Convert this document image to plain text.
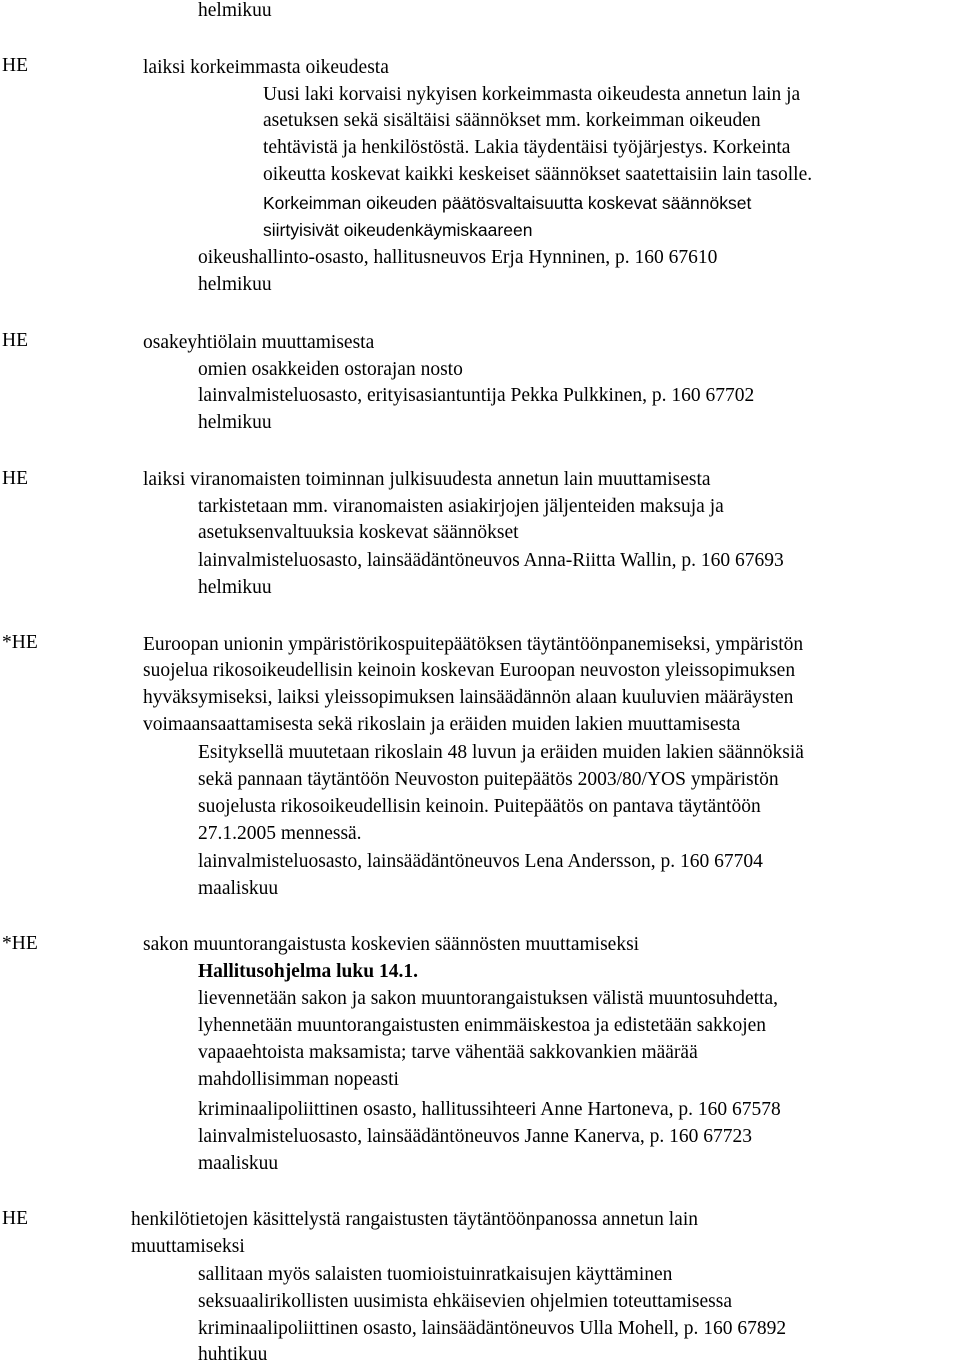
helmikuu
HE	laiksi korkeimmasta oikeudesta
Uusi laki korvaisi nykyisen korkeimmasta oikeudesta annetun lain ja
asetuksen sekä sisältäisi säännökset mm. korkeimman oikeuden
tehtävistä ja henkilöstöstä. Lakia täydentäisi työjärjestys. Korkeinta
oikeutta koskevat kaikki keskeiset säännökset saatettaisiin lain tasolle.
Korkeimman oikeuden päätösvaltaisuutta koskevat säännökset
siirtyisivät oikeudenkäymiskaareen
oikeushallinto-osasto, hallitusneuvos Erja Hynninen, p. 160 67610
helmikuu
HE	osakeyhtiölain muuttamisesta
omien osakkeiden ostorajan nosto
lainvalmisteluosasto, erityisasiantuntija Pekka Pulkkinen, p. 160 67702
helmikuu
HE	laiksi viranomaisten toiminnan julkisuudesta annetun lain muuttamisesta
tarkistetaan mm. viranomaisten asiakirjojen jäljenteiden maksuja ja
asetuksenvaltuuksia koskevat säännökset
lainvalmisteluosasto, lainsäädäntöneuvos Anna-Riitta Wallin, p. 160 67693
helmikuu
*HE	Euroopan unionin ympäristörikospuitepäätöksen täytäntöönpanemiseksi, ympäristön
suojelua rikosoikeudellisin keinoin koskevan Euroopan neuvoston yleissopimuksen
hyväksymiseksi, laiksi yleissopimuksen lainsäädännön alaan kuuluvien määräysten
voimaansaattamisesta sekä rikoslain ja eräiden muiden lakien muuttamisesta
Esityksellä muutetaan rikoslain 48 luvun ja eräiden muiden lakien säännöksiä
sekä pannaan täytäntöön Neuvoston puitepäätös 2003/80/YOS ympäristön
suojelusta rikosoikeudellisin keinoin. Puitepäätös on pantava täytäntöön
27.1.2005 mennessä.
lainvalmisteluosasto, lainsäädäntöneuvos Lena Andersson, p. 160 67704
maaliskuu
*HE	sakon muuntorangaistusta koskevien säännösten muuttamiseksi
Hallitusohjelma luku 14.1.
lievennetään sakon ja sakon muuntorangaistuksen välistä muuntosuhdetta,
lyhennetään muuntorangaistusten enimmäiskestoa ja edistetään sakkojen
vapaaehtoista maksamista; tarve vähentää sakkovankien määrää
mahdollisimman nopeasti
kriminaalipoliittinen osasto, hallitussihteeri Anne Hartoneva, p. 160 67578
lainvalmisteluosasto, lainsäädäntöneuvos Janne Kanerva, p. 160 67723
maaliskuu
HE	henkilötietojen käsittelystä rangaistusten täytäntöönpanossa annetun lain
muuttamiseksi
sallitaan myös salaisten tuomioistuinratkaisujen käyttäminen
seksuaalirikollisten uusimista ehkäisevien ohjelmien toteuttamisessa
kriminaalipoliittinen osasto, lainsäädäntöneuvos Ulla Mohell, p. 160 67892
huhtikuu
